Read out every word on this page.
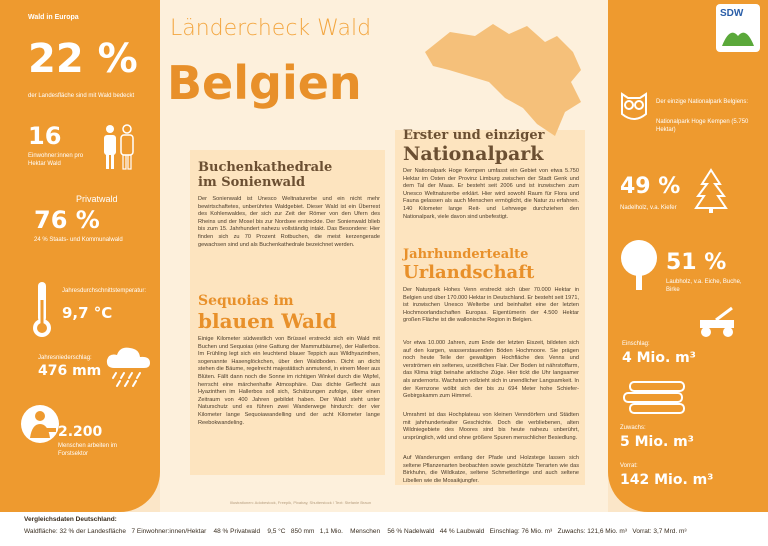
Wald in Europa
22 %
der Landesfläche sind mit Wald bedeckt
16
Einwohner:innen pro Hektar Wald
Privatwald
76 %
24 % Staats- und Kommunalwald
Jahresdurchschnittstemperatur:
9,7 °C
Jahresniederschlag:
476 mm
2.200
Menschen arbeiten im Forstsektor
Ländercheck Wald
Belgien
Buchenkathedrale
im Sonienwald
Der Sonienwald ist Unesco Weltnaturerbe und ein nicht mehr bewirtschaftetes, unberührtes Waldgebiet. Dieser Wald ist ein Überrest des Kohlenwaldes, der sich zur Zeit der Römer von den Ufern des Rheins und der Mosel bis zur Nordsee erstreckte. Der Sonienwald blieb bis zum 15. Jahrhundert nahezu vollständig intakt. Das Besondere: Hier finden sich zu 70 Prozent Rotbuchen, die meist kerzengerade gewachsen sind und als Buchenkathedrale bezeichnet werden.
Sequoias im
blauen Wald
Einige Kilometer südwestlich von Brüssel erstreckt sich ein Wald mit Buchen und Sequoias (eine Gattung der Mammutbäume), der Hallerbos. Im Frühling legt sich ein leuchtend blauer Teppich aus Wildhyazinthen, sogenannte Hasenglöckchen, über den Waldboden. Dicht an dicht stehen die Bäume, regelrecht majestätisch anmutend, in einem Meer aus Blüten. Fällt dann noch die Sonne im richtigen Winkel durch die Wipfel, herrscht eine märchenhafte Atmosphäre. Das dichte Geflecht aus Hyazinthen im Hallerbos soll sich, Schätzungen zufolge, über einen Zeitraum von 400 Jahren gebildet haben. Der Wald steht unter Naturschutz und es führen zwei Wanderwege hindurch: der vier Kilometer lange Sequoiawandelling und der acht Kilometer lange Reebokwandeling.
Illustrationen: Adobestock, Freepik, Pixabay, Shutterstock / Text: Stefanie Braun
Erster und einziger
Nationalpark
Der Nationalpark Hoge Kempen umfasst ein Gebiet von etwa 5.750 Hektar im Osten der Provinz Limburg zwischen der Stadt Genk und dem Tal der Maas. Er besteht seit 2006 und ist inzwischen zum Unesco Weltnaturerbe erklärt. Hier wird sowohl Raum für Flora und Fauna gelassen als auch Menschen ermöglicht, die Natur zu erfahren. 140 Kilometer lange Reit- und Lehrwege durchziehen den Nationalpark, viele davon sind unbefestigt.
Jahrhundertealte
Urlandschaft
Der Naturpark Hohes Venn erstreckt sich über 70.000 Hektar in Belgien und über 170.000 Hektar in Deutschland. Er besteht seit 1971, ist inzwischen Unesco Welterbe und beinhaltet eine der letzten Hochmoorlandschaften Europas. Eigentümerin der 4.500 Hektar großen Fläche ist die wallonische Region in Belgien.
Vor etwa 10.000 Jahren, zum Ende der letzten Eiszeit, bildeten sich auf den kargen, wasserstauenden Böden Hochmoore. Sie prägen noch heute Teile der gewaltigen Hochfläche des Venns und verströmen ein seltenes, urzeitliches Flair. Der Boden ist nährstoffarm, das Klima trägt beinahe arktische Züge. Hier tickt die Uhr langsamer als andernorts. Wachstum vollzieht sich in unendlicher Langsamkeit. In der Kernzone wölbt sich der bis zu 694 Meter hohe Schiefer-Gebirgskamm zum Himmel.
Umrahmt ist das Hochplateau von kleinen Venndörfern und Städten mit jahrhundertealter Geschichte. Doch die verbliebenen, alten Wildniegebiete des Moores sind bis heute nahezu unberührt, ursprünglich, wild und ohne größere Spuren menschlicher Besiedlung.
Auf Wanderungen entlang der Pfade und Holzstege lassen sich seltene Pflanzenarten beobachten sowie geschützte Tierarten wie das Birkhuhn, die Wildkatze, seltene Schmetterlinge und auch seltene Libellen wie die Mosaikjungfer.
SDW
Der einzige Nationalpark Belgiens:
Nationalpark Hoge Kempen (5.750 Hektar)
49 %
Nadelholz, v.a. Kiefer
51 %
Laubholz, v.a. Eiche, Buche, Birke
Einschlag:
4 Mio. m³
Zuwachs:
5 Mio. m³
Vorrat:
142 Mio. m³
Vergleichsdaten Deutschland:
Waldfläche: 32 % der Landesfläche 7 Einwohner:innen/Hektar 48 % Privatwald 9,5 °C 850 mm 1,1 Mio. Menschen 56 % Nadelwald 44 % Laubwald Einschlag: 76 Mio. m³ Zuwachs: 121,6 Mio. m³ Vorrat: 3,7 Mrd. m³
